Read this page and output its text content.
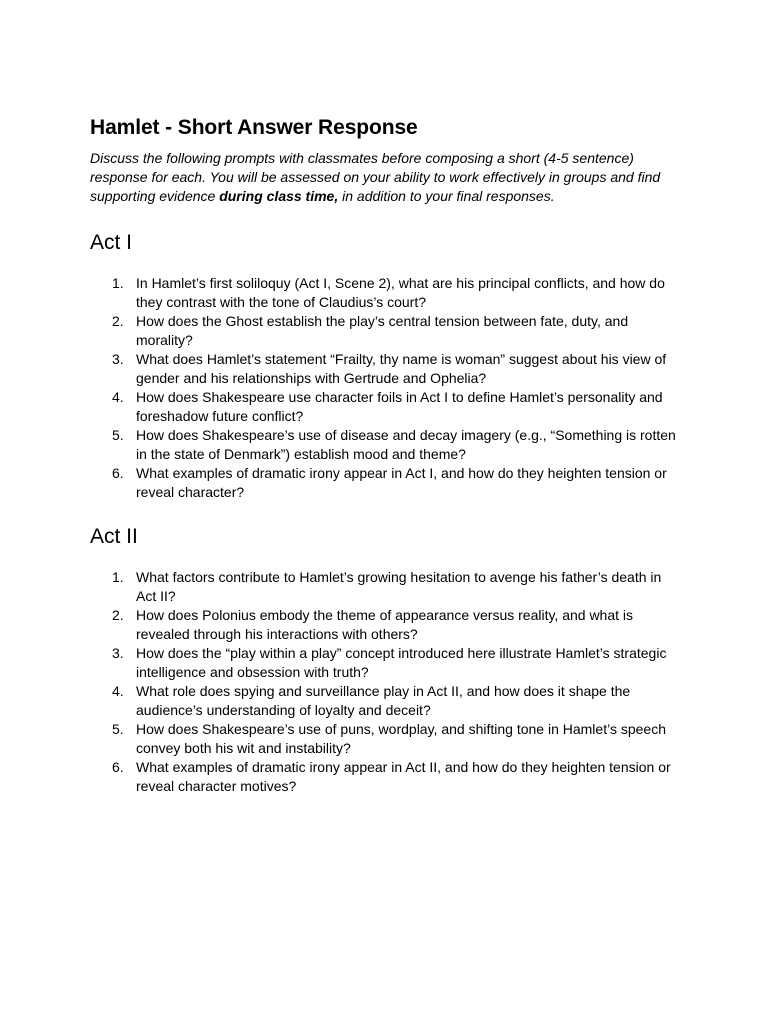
Hamlet - Short Answer Response

Discuss the following prompts with classmates before composing a short (4-5 sentence) response for each. You will be assessed on your ability to work effectively in groups and find supporting evidence during class time, in addition to your final responses.

Act I
1. In Hamlet’s first soliloquy (Act I, Scene 2), what are his principal conflicts, and how do they contrast with the tone of Claudius’s court?
2. How does the Ghost establish the play’s central tension between fate, duty, and morality?
3. What does Hamlet’s statement “Frailty, thy name is woman” suggest about his view of gender and his relationships with Gertrude and Ophelia?
4. How does Shakespeare use character foils in Act I to define Hamlet’s personality and foreshadow future conflict?
5. How does Shakespeare’s use of disease and decay imagery (e.g., “Something is rotten in the state of Denmark”) establish mood and theme?
6. What examples of dramatic irony appear in Act I, and how do they heighten tension or reveal character?
Act II
1. What factors contribute to Hamlet’s growing hesitation to avenge his father’s death in Act II?
2. How does Polonius embody the theme of appearance versus reality, and what is revealed through his interactions with others?
3. How does the “play within a play” concept introduced here illustrate Hamlet’s strategic intelligence and obsession with truth?
4. What role does spying and surveillance play in Act II, and how does it shape the audience’s understanding of loyalty and deceit?
5. How does Shakespeare’s use of puns, wordplay, and shifting tone in Hamlet’s speech convey both his wit and instability?
6. What examples of dramatic irony appear in Act II, and how do they heighten tension or reveal character motives?
